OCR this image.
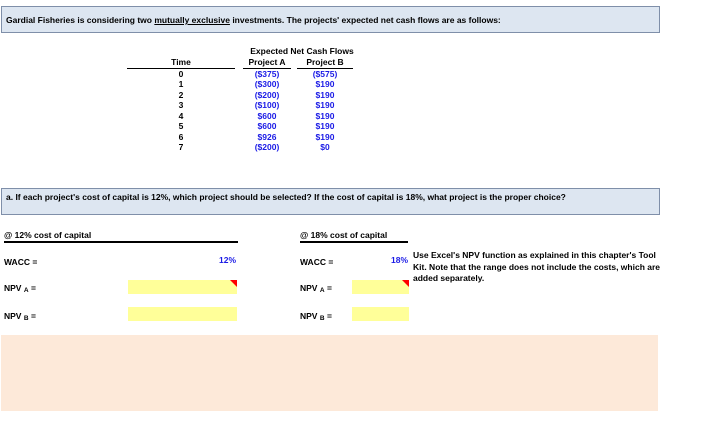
Gardial Fisheries is considering two mutually exclusive investments. The projects' expected net cash flows are as follows:
Expected Net Cash Flows
Time
0
1
2
3
4
5
6
7
Project A
($375)
($300)
($200)
($100)
$600
$600
$926
($200)
Project B
($575)
$190
$190
$190
$190
$190
$190
$0
a. If each project's cost of capital is 12%, which project should be selected? If the cost of capital is 18%, what project is the proper choice?
@ 12% cost of capital
WACC =	12%
NPV A =
NPV B =
@ 18% cost of capital
WACC =	18%
NPV A =
NPV B =
Use Excel's NPV function as explained in this chapter's Tool Kit. Note that the range does not include the costs, which are added separately.
